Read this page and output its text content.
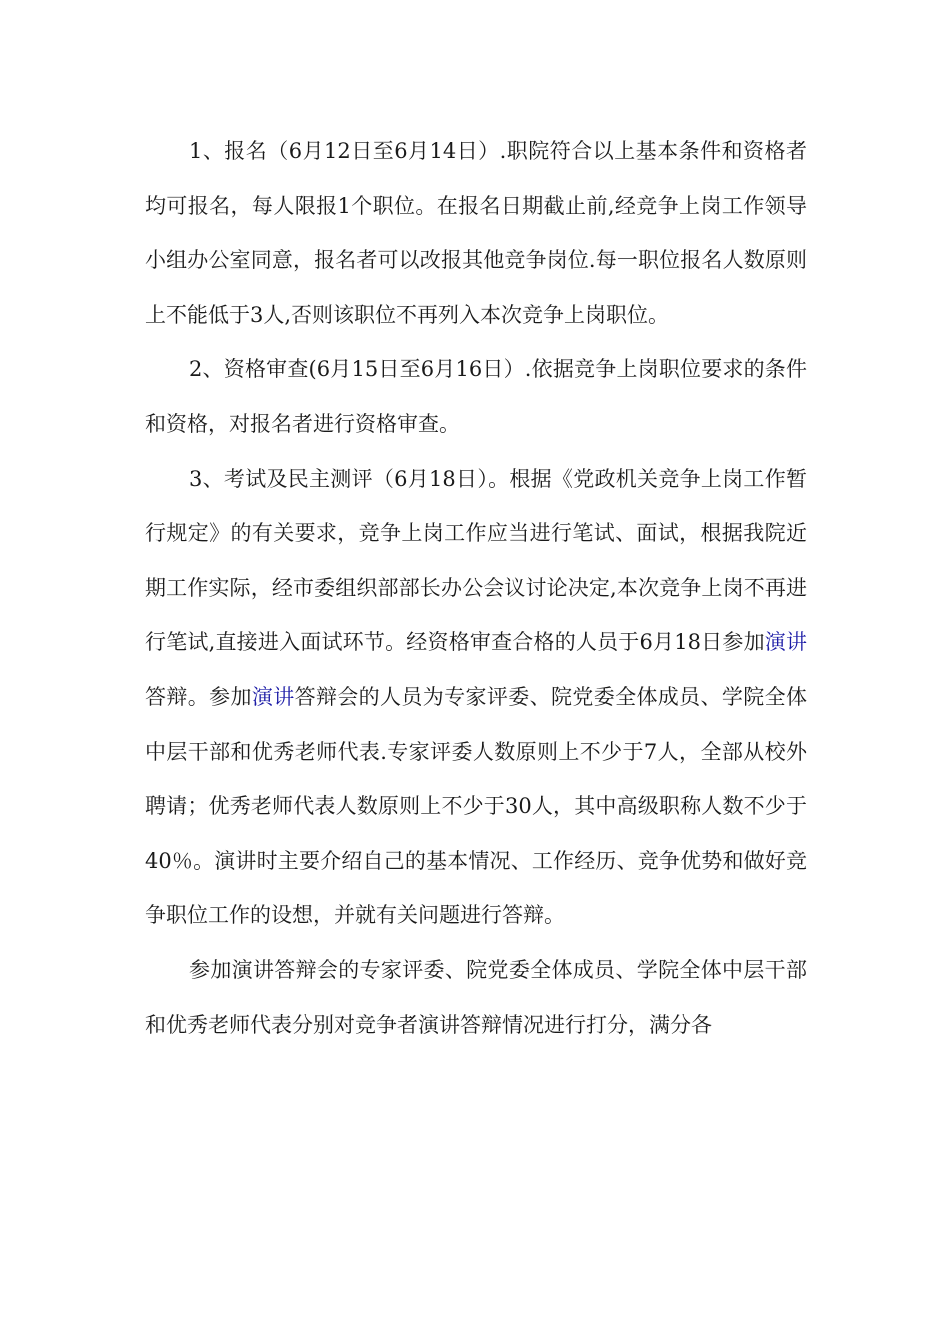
1、报名（6月12日至6月14日）.职院符合以上基本条件和资格者均可报名，每人限报1个职位。在报名日期截止前,经竞争上岗工作领导小组办公室同意，报名者可以改报其他竞争岗位.每一职位报名人数原则上不能低于3人,否则该职位不再列入本次竞争上岗职位。

2、资格审查(6月15日至6月16日）.依据竞争上岗职位要求的条件和资格，对报名者进行资格审查。

3、考试及民主测评（6月18日）。根据《党政机关竞争上岗工作暂行规定》的有关要求，竞争上岗工作应当进行笔试、面试，根据我院近期工作实际，经市委组织部部长办公会议讨论决定,本次竞争上岗不再进行笔试,直接进入面试环节。经资格审查合格的人员于6月18日参加演讲答辩。参加演讲答辩会的人员为专家评委、院党委全体成员、学院全体中层干部和优秀老师代表.专家评委人数原则上不少于7人，全部从校外聘请；优秀老师代表人数原则上不少于30人，其中高级职称人数不少于40％。演讲时主要介绍自己的基本情况、工作经历、竞争优势和做好竞争职位工作的设想，并就有关问题进行答辩。

参加演讲答辩会的专家评委、院党委全体成员、学院全体中层干部和优秀老师代表分别对竞争者演讲答辩情况进行打分，满分各
